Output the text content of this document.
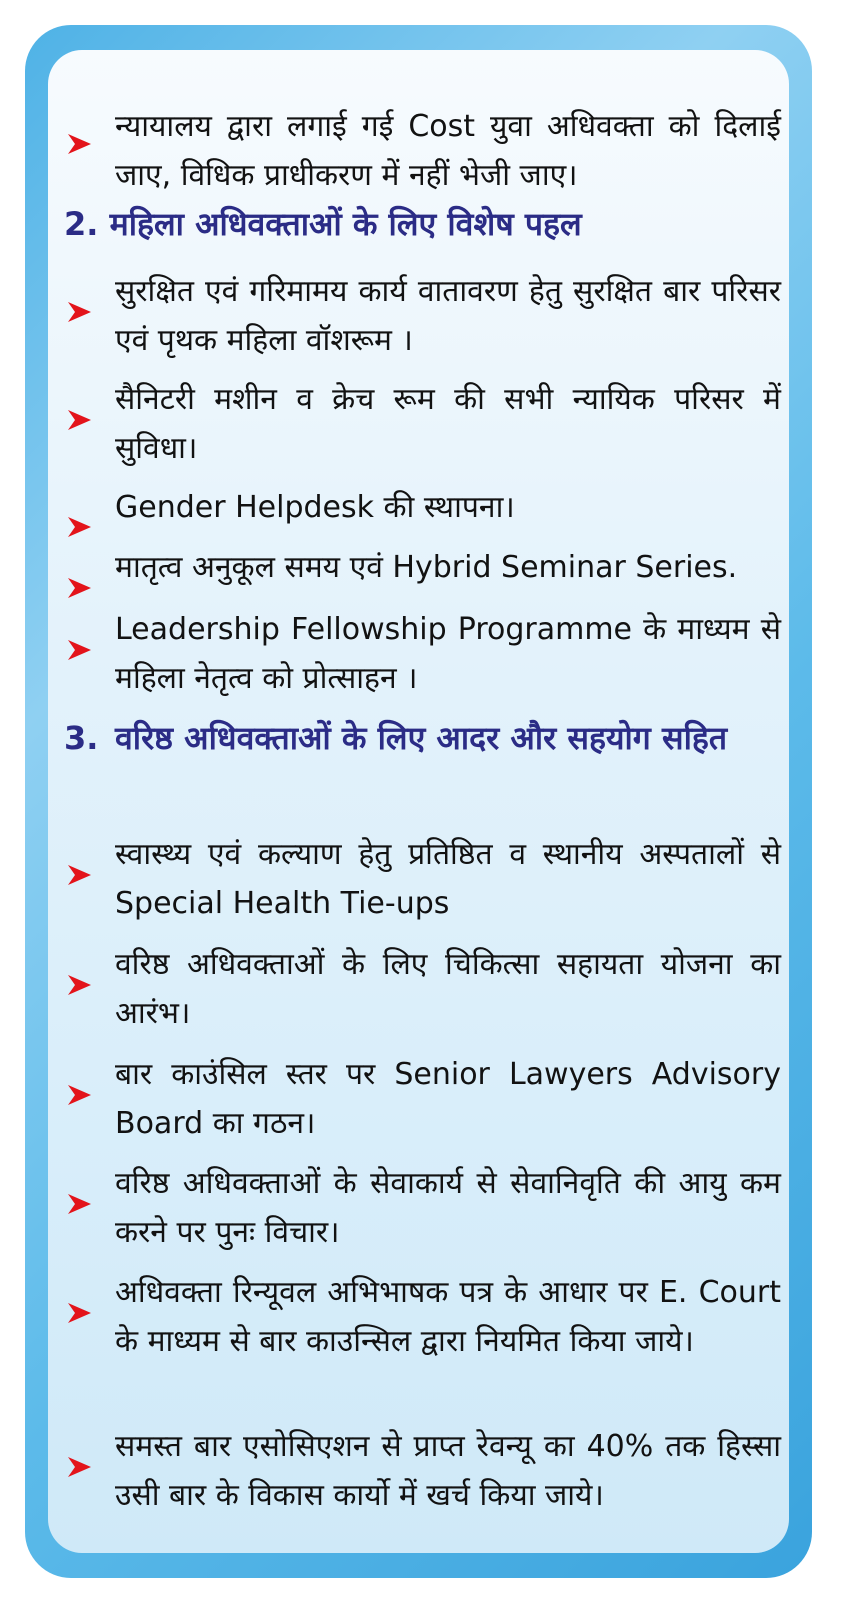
न्यायालय द्वारा लगाई गई Cost युवा अधिवक्ता को दिलाई जाए, विधिक प्राधीकरण में नहीं भेजी जाए।
2. महिला अधिवक्ताओं के लिए विशेष पहल
सुरक्षित एवं गरिमामय कार्य वातावरण हेतु सुरक्षित बार परिसर एवं पृथक महिला वॉशरूम ।
सैनिटरी मशीन व क्रेच रूम की सभी न्यायिक परिसर में सुविधा।
Gender Helpdesk की स्थापना।
मातृत्व अनुकूल समय एवं Hybrid Seminar Series.
Leadership Fellowship Programme के माध्यम से महिला नेतृत्व को प्रोत्साहन ।
3. वरिष्ठ अधिवक्ताओं के लिए आदर और सहयोग सहित
स्वास्थ्य एवं कल्याण हेतु प्रतिष्ठित व स्थानीय अस्पतालों से Special Health Tie-ups
वरिष्ठ अधिवक्ताओं के लिए चिकित्सा सहायता योजना का आरंभ।
बार काउंसिल स्तर पर Senior Lawyers Advisory Board का गठन।
वरिष्ठ अधिवक्ताओं के सेवाकार्य से सेवानिवृति की आयु कम करने पर पुनः विचार।
अधिवक्ता रिन्यूवल अभिभाषक पत्र के आधार पर E. Court के माध्यम से बार काउन्सिल द्वारा नियमित किया जाये।
समस्त बार एसोसिएशन से प्राप्त रेवन्यू का 40% तक हिस्सा उसी बार के विकास कार्यो में खर्च किया जाये।
